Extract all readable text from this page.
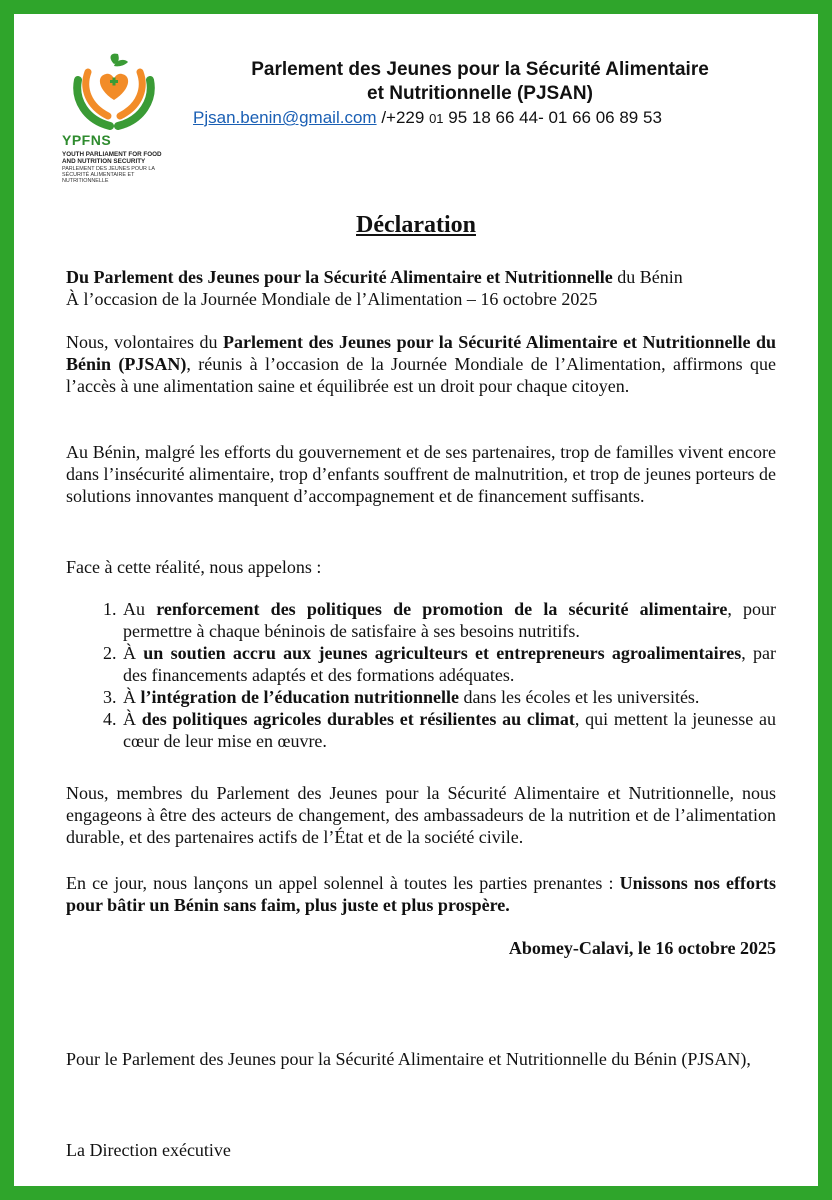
YPFNS
YOUTH PARLIAMENT FOR FOOD AND NUTRITION SECURITY
PARLEMENT DES JEUNES POUR LA SÉCURITÉ ALIMENTAIRE ET NUTRITIONNELLE
Parlement des Jeunes pour la Sécurité Alimentaire
et Nutritionnelle (PJSAN)
Pjsan.benin@gmail.com /+229 01 95 18 66 44- 01 66 06 89 53
Déclaration
Du Parlement des Jeunes pour la Sécurité Alimentaire et Nutritionnelle du Bénin
À l’occasion de la Journée Mondiale de l’Alimentation – 16 octobre 2025
Nous, volontaires du Parlement des Jeunes pour la Sécurité Alimentaire et Nutritionnelle du Bénin (PJSAN), réunis à l’occasion de la Journée Mondiale de l’Alimentation, affirmons que l’accès à une alimentation saine et équilibrée est un droit pour chaque citoyen.
Au Bénin, malgré les efforts du gouvernement et de ses partenaires, trop de familles vivent encore dans l’insécurité alimentaire, trop d’enfants souffrent de malnutrition, et trop de jeunes porteurs de solutions innovantes manquent d’accompagnement et de financement suffisants.
Face à cette réalité, nous appelons :
1. Au renforcement des politiques de promotion de la sécurité alimentaire, pour permettre à chaque béninois de satisfaire à ses besoins nutritifs.
2. À un soutien accru aux jeunes agriculteurs et entrepreneurs agroalimentaires, par des financements adaptés et des formations adéquates.
3. À l’intégration de l’éducation nutritionnelle dans les écoles et les universités.
4. À des politiques agricoles durables et résilientes au climat, qui mettent la jeunesse au cœur de leur mise en œuvre.
Nous, membres du Parlement des Jeunes pour la Sécurité Alimentaire et Nutritionnelle, nous engageons à être des acteurs de changement, des ambassadeurs de la nutrition et de l’alimentation durable, et des partenaires actifs de l’État et de la société civile.
En ce jour, nous lançons un appel solennel à toutes les parties prenantes : Unissons nos efforts pour bâtir un Bénin sans faim, plus juste et plus prospère.
Abomey-Calavi, le 16 octobre 2025
Pour le Parlement des Jeunes pour la Sécurité Alimentaire et Nutritionnelle du Bénin (PJSAN),
La Direction exécutive
